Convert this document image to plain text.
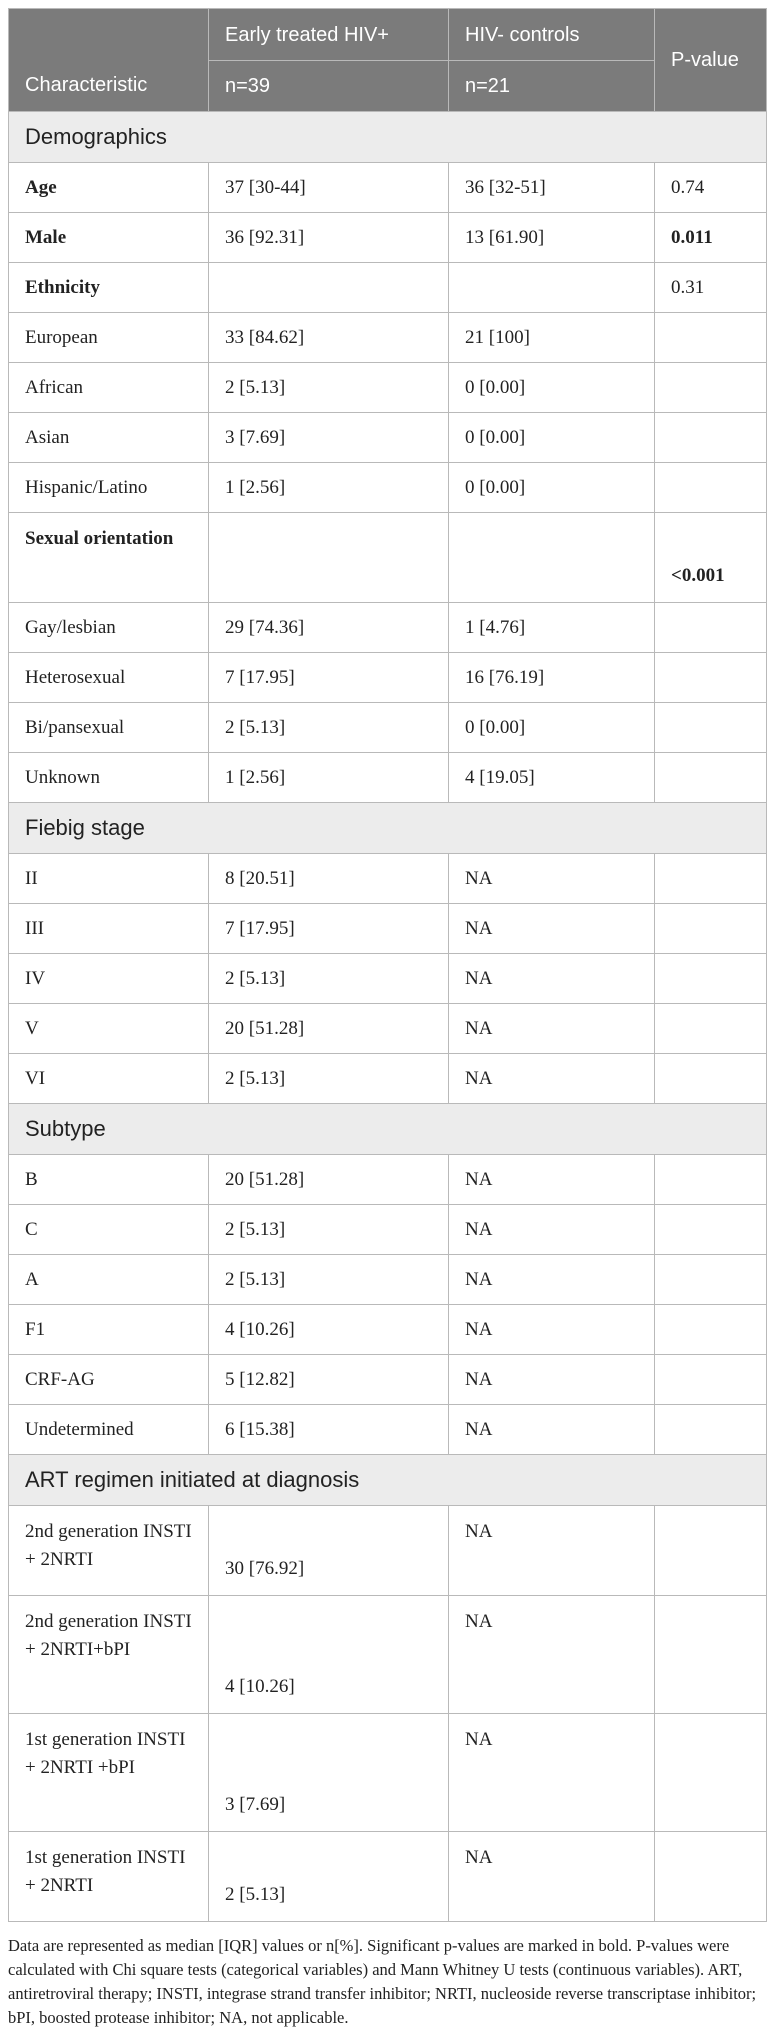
Characteristic	Early treated HIV+	HIV- controls	P-value
	n=39	n=21	
Demographics			
Age	37 [30-44]	36 [32-51]	0.74
Male	36 [92.31]	13 [61.90]	0.011
Ethnicity			0.31
European	33 [84.62]	21 [100]	
African	2 [5.13]	0 [0.00]	
Asian	3 [7.69]	0 [0.00]	
Hispanic/Latino	1 [2.56]	0 [0.00]	
Sexual orientation			<0.001
Gay/lesbian	29 [74.36]	1 [4.76]	
Heterosexual	7 [17.95]	16 [76.19]	
Bi/pansexual	2 [5.13]	0 [0.00]	
Unknown	1 [2.56]	4 [19.05]	
Fiebig stage			
II	8 [20.51]	NA	
III	7 [17.95]	NA	
IV	2 [5.13]	NA	
V	20 [51.28]	NA	
VI	2 [5.13]	NA	
Subtype			
B	20 [51.28]	NA	
C	2 [5.13]	NA	
A	2 [5.13]	NA	
F1	4 [10.26]	NA	
CRF-AG	5 [12.82]	NA	
Undetermined	6 [15.38]	NA	
ART regimen initiated at diagnosis			
2nd generation INSTI + 2NRTI	30 [76.92]	NA	
2nd generation INSTI + 2NRTI+bPI	4 [10.26]	NA	
1st generation INSTI + 2NRTI +bPI	3 [7.69]	NA	
1st generation INSTI + 2NRTI	2 [5.13]	NA	
Data are represented as median [IQR] values or n[%]. Significant p-values are marked in bold. P-values were calculated with Chi square tests (categorical variables) and Mann Whitney U tests (continuous variables). ART, antiretroviral therapy; INSTI, integrase strand transfer inhibitor; NRTI, nucleoside reverse transcriptase inhibitor; bPI, boosted protease inhibitor; NA, not applicable.
